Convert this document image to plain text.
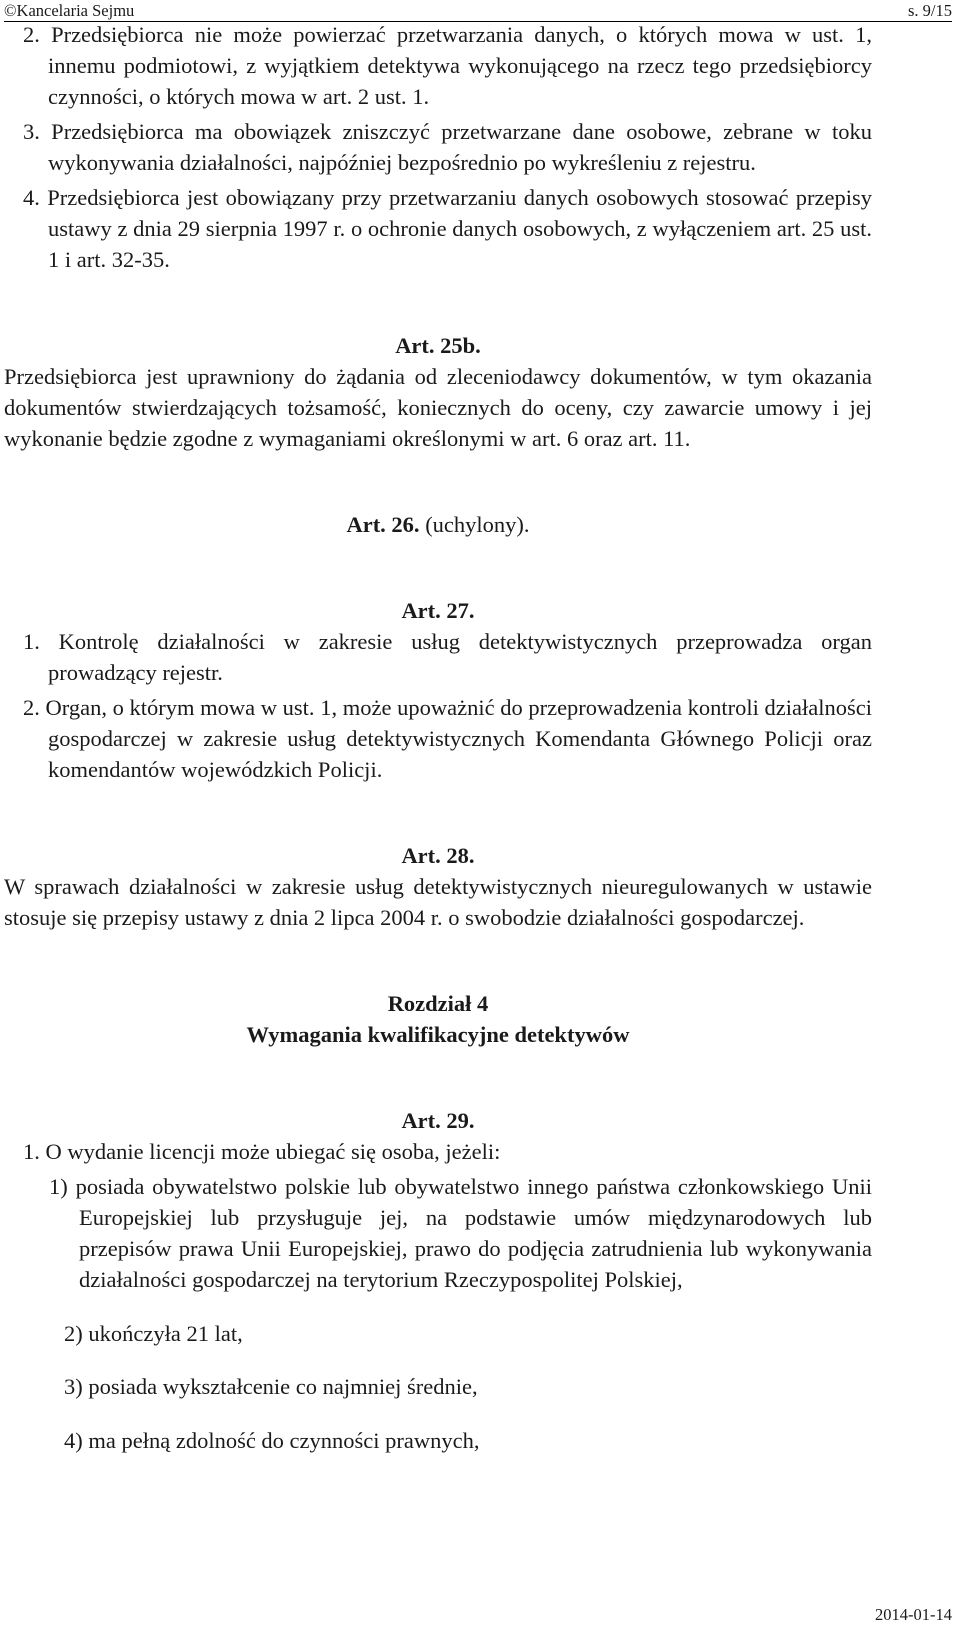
©Kancelaria Sejmu	s. 9/15

2. Przedsiębiorca nie może powierzać przetwarzania danych, o których mowa w ust. 1, innemu podmiotowi, z wyjątkiem detektywa wykonującego na rzecz tego przedsiębiorcy czynności, o których mowa w art. 2 ust. 1.

3. Przedsiębiorca ma obowiązek zniszczyć przetwarzane dane osobowe, zebrane w toku wykonywania działalności, najpóźniej bezpośrednio po wykreśleniu z rejestru.

4. Przedsiębiorca jest obowiązany przy przetwarzaniu danych osobowych stosować przepisy ustawy z dnia 29 sierpnia 1997 r. o ochronie danych osobowych, z wyłączeniem art. 25 ust. 1 i art. 32-35.

Art. 25b.

Przedsiębiorca jest uprawniony do żądania od zleceniodawcy dokumentów, w tym okazania dokumentów stwierdzających tożsamość, koniecznych do oceny, czy zawarcie umowy i jej wykonanie będzie zgodne z wymaganiami określonymi w art. 6 oraz art. 11.

Art. 26. (uchylony).

Art. 27.

1. Kontrolę działalności w zakresie usług detektywistycznych przeprowadza organ prowadzący rejestr.

2. Organ, o którym mowa w ust. 1, może upoważnić do przeprowadzenia kontroli działalności gospodarczej w zakresie usług detektywistycznych Komendanta Głównego Policji oraz komendantów wojewódzkich Policji.

Art. 28.

W sprawach działalności w zakresie usług detektywistycznych nieuregulowanych w ustawie stosuje się przepisy ustawy z dnia 2 lipca 2004 r. o swobodzie działalności gospodarczej.

Rozdział 4

Wymagania kwalifikacyjne detektywów

Art. 29.

1. O wydanie licencji może ubiegać się osoba, jeżeli:

1) posiada obywatelstwo polskie lub obywatelstwo innego państwa członkowskiego Unii Europejskiej lub przysługuje jej, na podstawie umów międzynarodowych lub przepisów prawa Unii Europejskiej, prawo do podjęcia zatrudnienia lub wykonywania działalności gospodarczej na terytorium Rzeczypospolitej Polskiej,

2) ukończyła 21 lat,

3) posiada wykształcenie co najmniej średnie,

4) ma pełną zdolność do czynności prawnych,

2014-01-14
